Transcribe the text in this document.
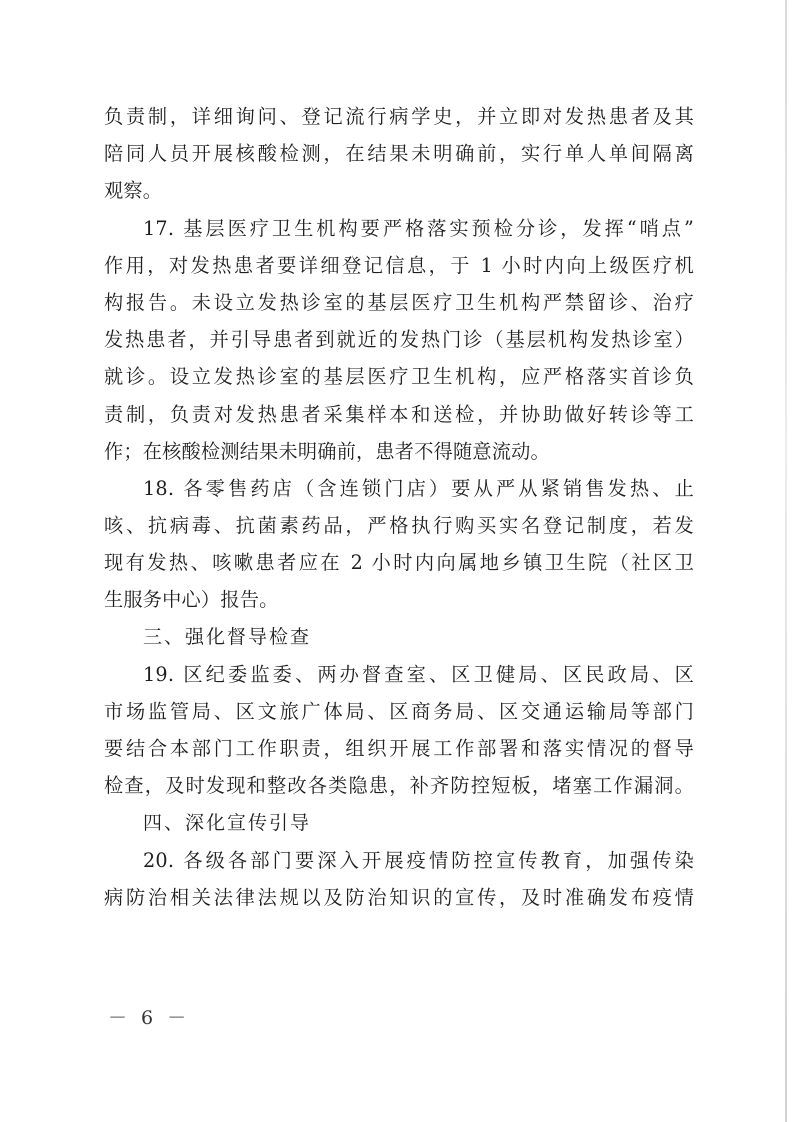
负责制，详细询问、登记流行病学史，并立即对发热患者及其
陪同人员开展核酸检测，在结果未明确前，实行单人单间隔离
观察。
17. 基层医疗卫生机构要严格落实预检分诊，发挥“哨点”
作用，对发热患者要详细登记信息，于 1 小时内向上级医疗机
构报告。未设立发热诊室的基层医疗卫生机构严禁留诊、治疗
发热患者，并引导患者到就近的发热门诊（基层机构发热诊室）
就诊。设立发热诊室的基层医疗卫生机构，应严格落实首诊负
责制，负责对发热患者采集样本和送检，并协助做好转诊等工
作；在核酸检测结果未明确前，患者不得随意流动。
18. 各零售药店（含连锁门店）要从严从紧销售发热、止
咳、抗病毒、抗菌素药品，严格执行购买实名登记制度，若发
现有发热、咳嗽患者应在 2 小时内向属地乡镇卫生院（社区卫
生服务中心）报告。
三、强化督导检查
19. 区纪委监委、两办督查室、区卫健局、区民政局、区
市场监管局、区文旅广体局、区商务局、区交通运输局等部门
要结合本部门工作职责，组织开展工作部署和落实情况的督导
检查，及时发现和整改各类隐患，补齐防控短板，堵塞工作漏洞。
四、深化宣传引导
20. 各级各部门要深入开展疫情防控宣传教育，加强传染
病防治相关法律法规以及防治知识的宣传，及时准确发布疫情
－ 6 －
